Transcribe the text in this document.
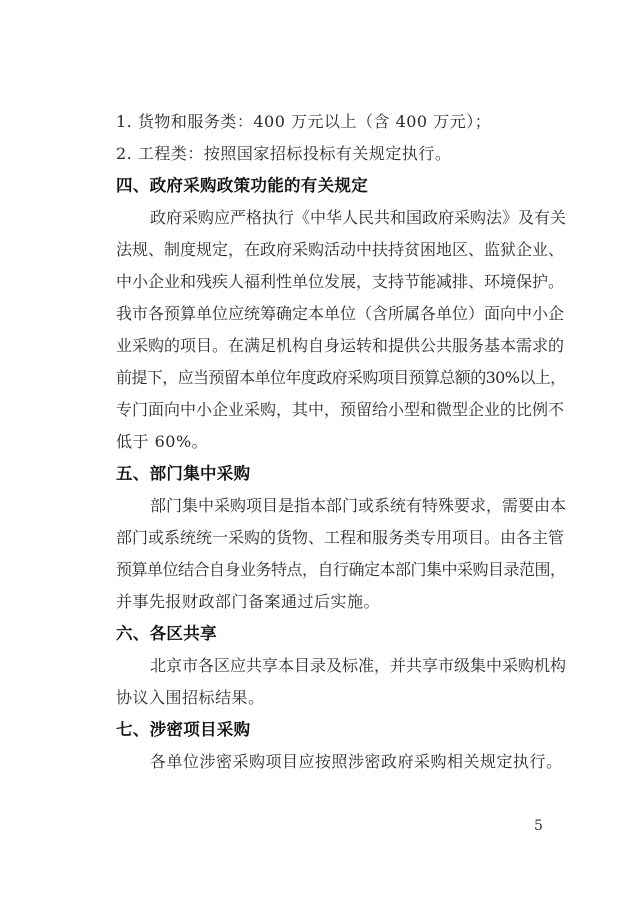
1. 货物和服务类：400 万元以上（含 400 万元）；
2. 工程类：按照国家招标投标有关规定执行。
四、政府采购政策功能的有关规定
政府采购应严格执行《中华人民共和国政府采购法》及有关
法规、制度规定，在政府采购活动中扶持贫困地区、监狱企业、
中小企业和残疾人福利性单位发展，支持节能减排、环境保护。
我市各预算单位应统筹确定本单位（含所属各单位）面向中小企
业采购的项目。在满足机构自身运转和提供公共服务基本需求的
前提下，应当预留本单位年度政府采购项目预算总额的30%以上，
专门面向中小企业采购，其中，预留给小型和微型企业的比例不
低于 60%。
五、部门集中采购
部门集中采购项目是指本部门或系统有特殊要求，需要由本
部门或系统统一采购的货物、工程和服务类专用项目。由各主管
预算单位结合自身业务特点，自行确定本部门集中采购目录范围，
并事先报财政部门备案通过后实施。
六、各区共享
北京市各区应共享本目录及标准，并共享市级集中采购机构
协议入围招标结果。
七、涉密项目采购
各单位涉密采购项目应按照涉密政府采购相关规定执行。
5
